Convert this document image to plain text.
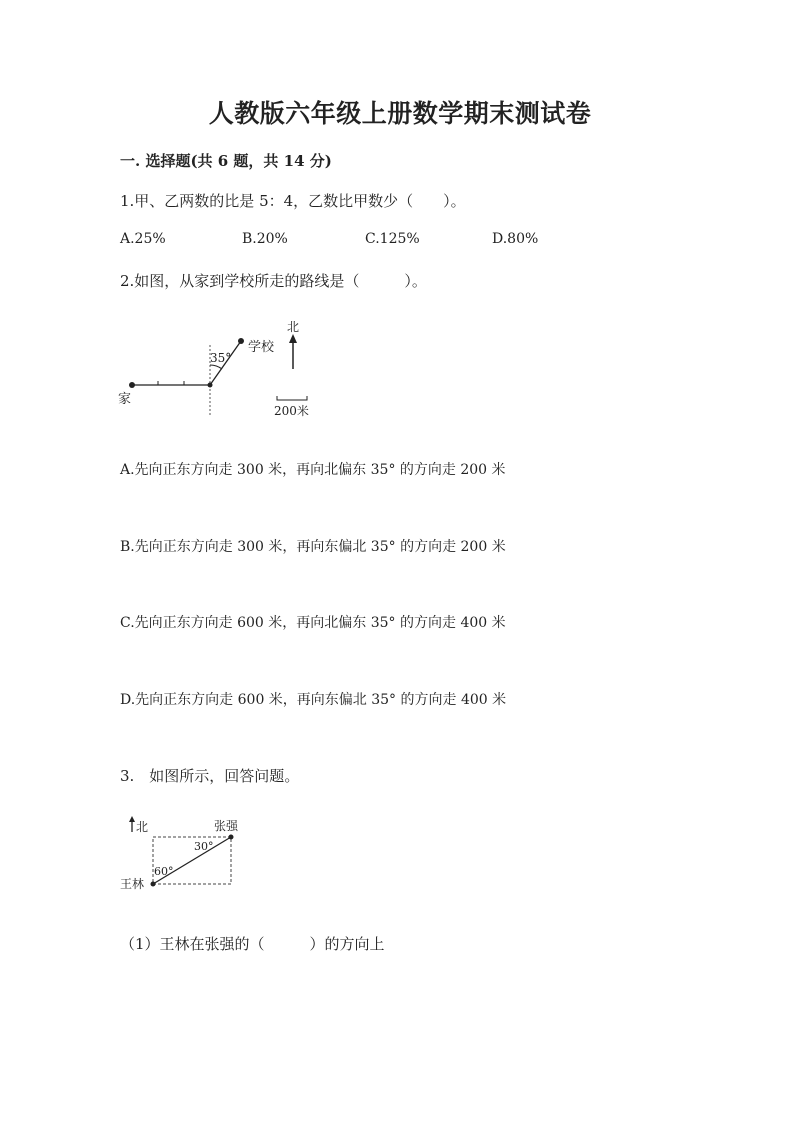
人教版六年级上册数学期末测试卷
一. 选择题(共 6 题，共 14 分)
1.甲、乙两数的比是 5：4，乙数比甲数少（　　）。
A.25%	B.20%	C.125%	D.80%
2.如图，从家到学校所走的路线是（　　　）。
35°
学校
家
北
200米
A.先向正东方向走 300 米，再向北偏东 35° 的方向走 200 米
B.先向正东方向走 300 米，再向东偏北 35° 的方向走 200 米
C.先向正东方向走 600 米，再向北偏东 35° 的方向走 400 米
D.先向正东方向走 600 米，再向东偏北 35° 的方向走 400 米
3.　如图所示，回答问题。
北	张强
王林
60°
30°
（1）王林在张强的（　　　）的方向上
